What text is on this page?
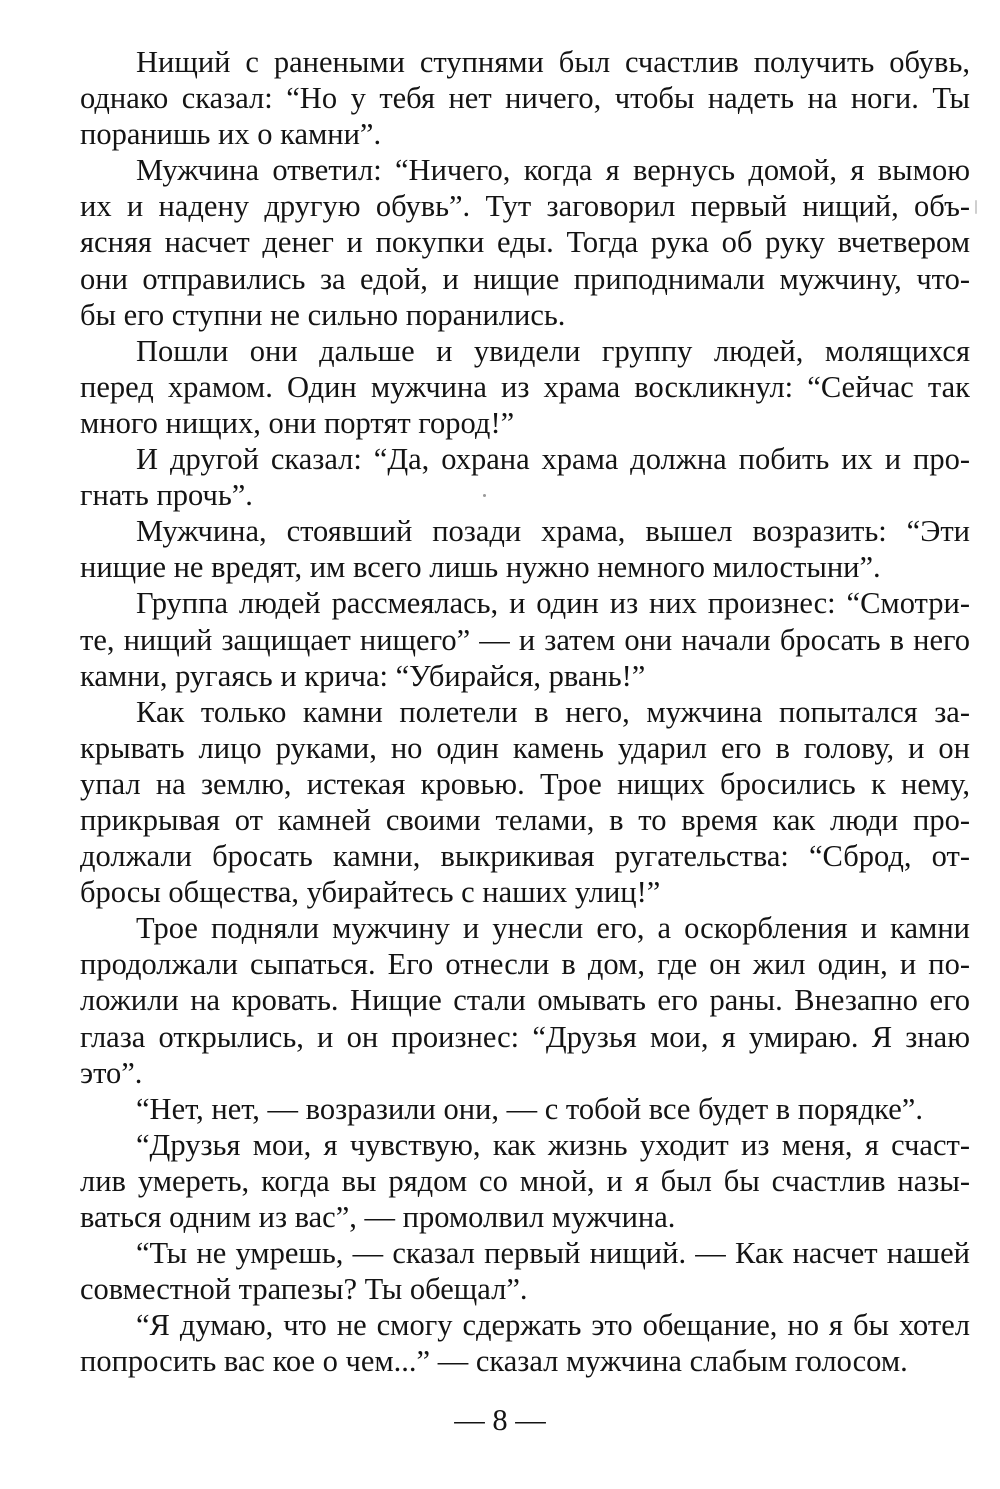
Нищий с ранеными ступнями был счастлив получить обувь,
однако сказал: “Но у тебя нет ничего, чтобы надеть на ноги. Ты
поранишь их о камни”.
Мужчина ответил: “Ничего, когда я вернусь домой, я вымою
их и надену другую обувь”. Тут заговорил первый нищий, объ-
ясняя насчет денег и покупки еды. Тогда рука об руку вчетвером
они отправились за едой, и нищие приподнимали мужчину, что-
бы его ступни не сильно поранились.
Пошли они дальше и увидели группу людей, молящихся
перед храмом. Один мужчина из храма воскликнул: “Сейчас так
много нищих, они портят город!”
И другой сказал: “Да, охрана храма должна побить их и про-
гнать прочь”.
Мужчина, стоявший позади храма, вышел возразить: “Эти
нищие не вредят, им всего лишь нужно немного милостыни”.
Группа людей рассмеялась, и один из них произнес: “Смотри-
те, нищий защищает нищего” — и затем они начали бросать в него
камни, ругаясь и крича: “Убирайся, рвань!”
Как только камни полетели в него, мужчина попытался за-
крывать лицо руками, но один камень ударил его в голову, и он
упал на землю, истекая кровью. Трое нищих бросились к нему,
прикрывая от камней своими телами, в то время как люди про-
должали бросать камни, выкрикивая ругательства: “Сброд, от-
бросы общества, убирайтесь с наших улиц!”
Трое подняли мужчину и унесли его, а оскорбления и камни
продолжали сыпаться. Его отнесли в дом, где он жил один, и по-
ложили на кровать. Нищие стали омывать его раны. Внезапно его
глаза открылись, и он произнес: “Друзья мои, я умираю. Я знаю
это”.
“Нет, нет, — возразили они, — с тобой все будет в порядке”.
“Друзья мои, я чувствую, как жизнь уходит из меня, я счаст-
лив умереть, когда вы рядом со мной, и я был бы счастлив назы-
ваться одним из вас”, — промолвил мужчина.
“Ты не умрешь, — сказал первый нищий. — Как насчет нашей
совместной трапезы? Ты обещал”.
“Я думаю, что не смогу сдержать это обещание, но я бы хотел
попросить вас кое о чем...” — сказал мужчина слабым голосом.
— 8 —
